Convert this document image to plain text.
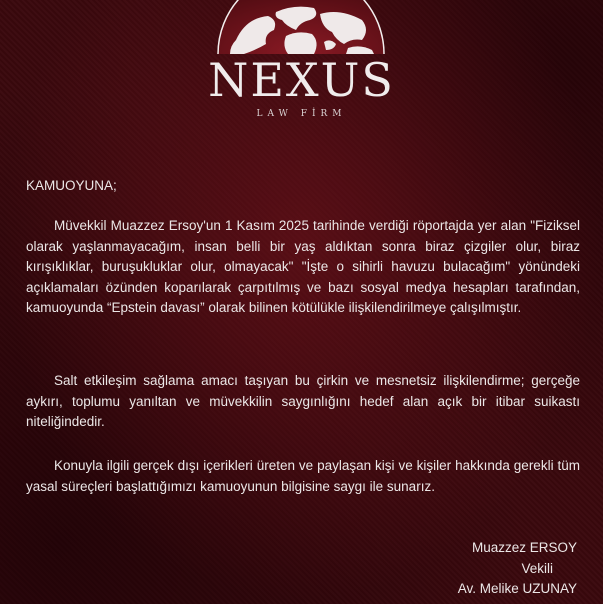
NEXUS
LAW FİRM
KAMUOYUNA;

Müvekkil Muazzez Ersoy'un 1 Kasım 2025 tarihinde verdiği röportajda yer alan "Fiziksel olarak yaşlanmayacağım, insan belli bir yaş aldıktan sonra biraz çizgiler olur, biraz kırışıklıklar, buruşukluklar olur, olmayacak" "İşte o sihirli havuzu bulacağım" yönündeki açıklamaları özünden koparılarak çarpıtılmış ve bazı sosyal medya hesapları tarafından, kamuoyunda “Epstein davası” olarak bilinen kötülükle ilişkilendirilmeye çalışılmıştır.

Salt etkileşim sağlama amacı taşıyan bu çirkin ve mesnetsiz ilişkilendirme; gerçeğe aykırı, toplumu yanıltan ve müvekkilin saygınlığını hedef alan açık bir itibar suikastı niteliğindedir.

Konuyla ilgili gerçek dışı içerikleri üreten ve paylaşan kişi ve kişiler hakkında gerekli tüm yasal süreçleri başlattığımızı kamuoyunun bilgisine saygı ile sunarız.

Muazzez ERSOY
Vekili
Av. Melike UZUNAY
